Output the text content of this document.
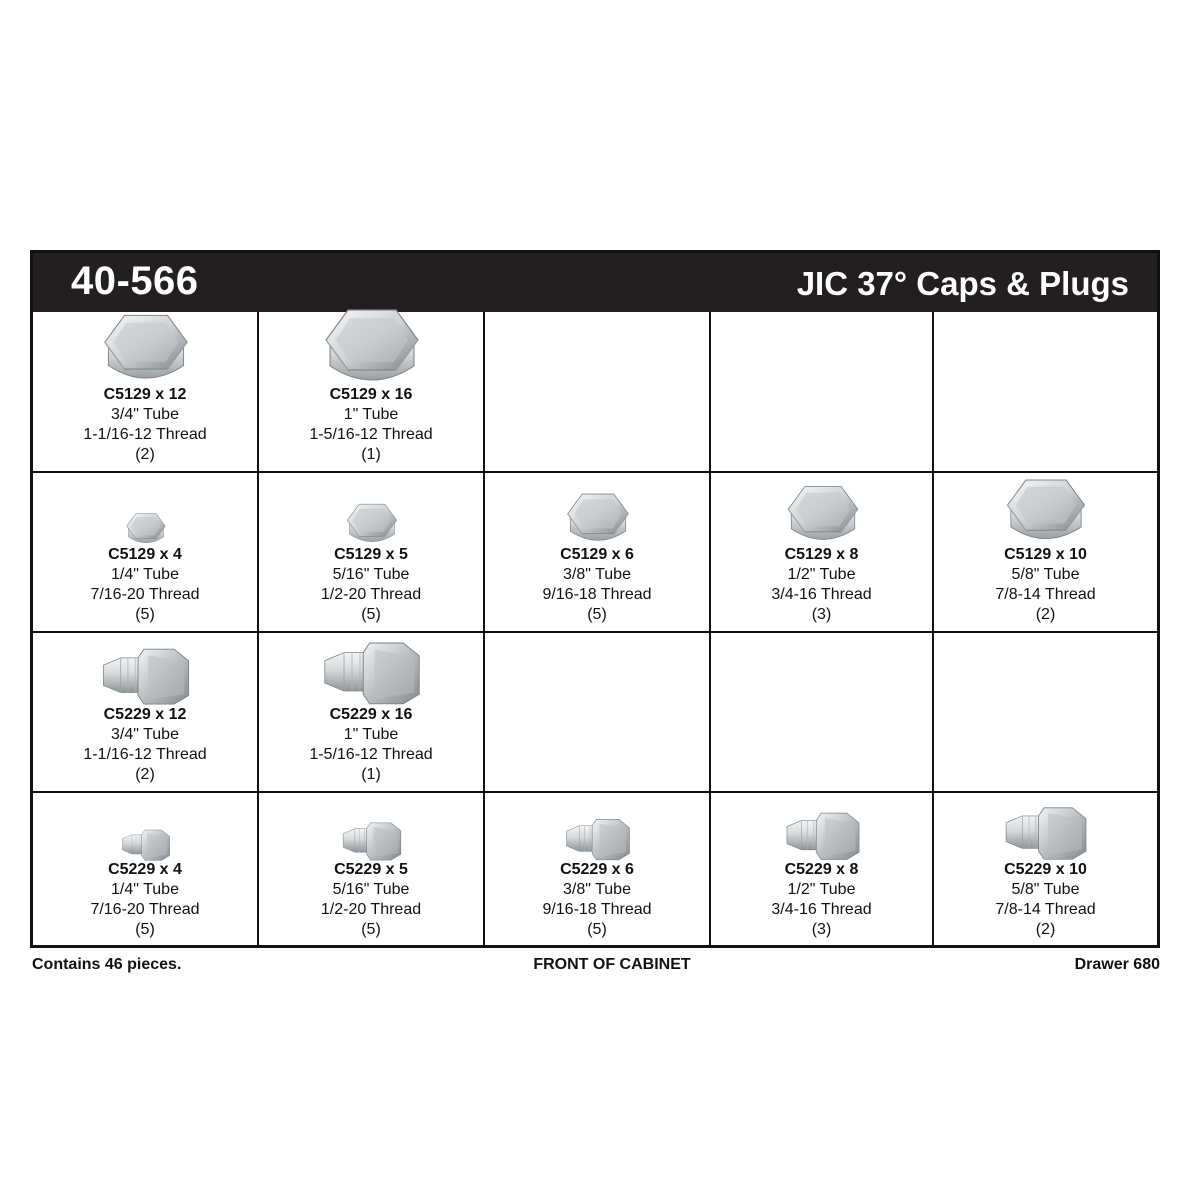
40-566	JIC 37° Caps & Plugs
C5129 x 12
3/4" Tube
1-1/16-12 Thread
(2)
C5129 x 16
1" Tube
1-5/16-12 Thread
(1)
C5129 x 4
1/4" Tube
7/16-20 Thread
(5)
C5129 x 5
5/16" Tube
1/2-20 Thread
(5)
C5129 x 6
3/8" Tube
9/16-18 Thread
(5)
C5129 x 8
1/2" Tube
3/4-16 Thread
(3)
C5129 x 10
5/8" Tube
7/8-14 Thread
(2)
C5229 x 12
3/4" Tube
1-1/16-12 Thread
(2)
C5229 x 16
1" Tube
1-5/16-12 Thread
(1)
C5229 x 4
1/4" Tube
7/16-20 Thread
(5)
C5229 x 5
5/16" Tube
1/2-20 Thread
(5)
C5229 x 6
3/8" Tube
9/16-18 Thread
(5)
C5229 x 8
1/2" Tube
3/4-16 Thread
(3)
C5229 x 10
5/8" Tube
7/8-14 Thread
(2)
Contains 46 pieces.	FRONT OF CABINET	Drawer 680
